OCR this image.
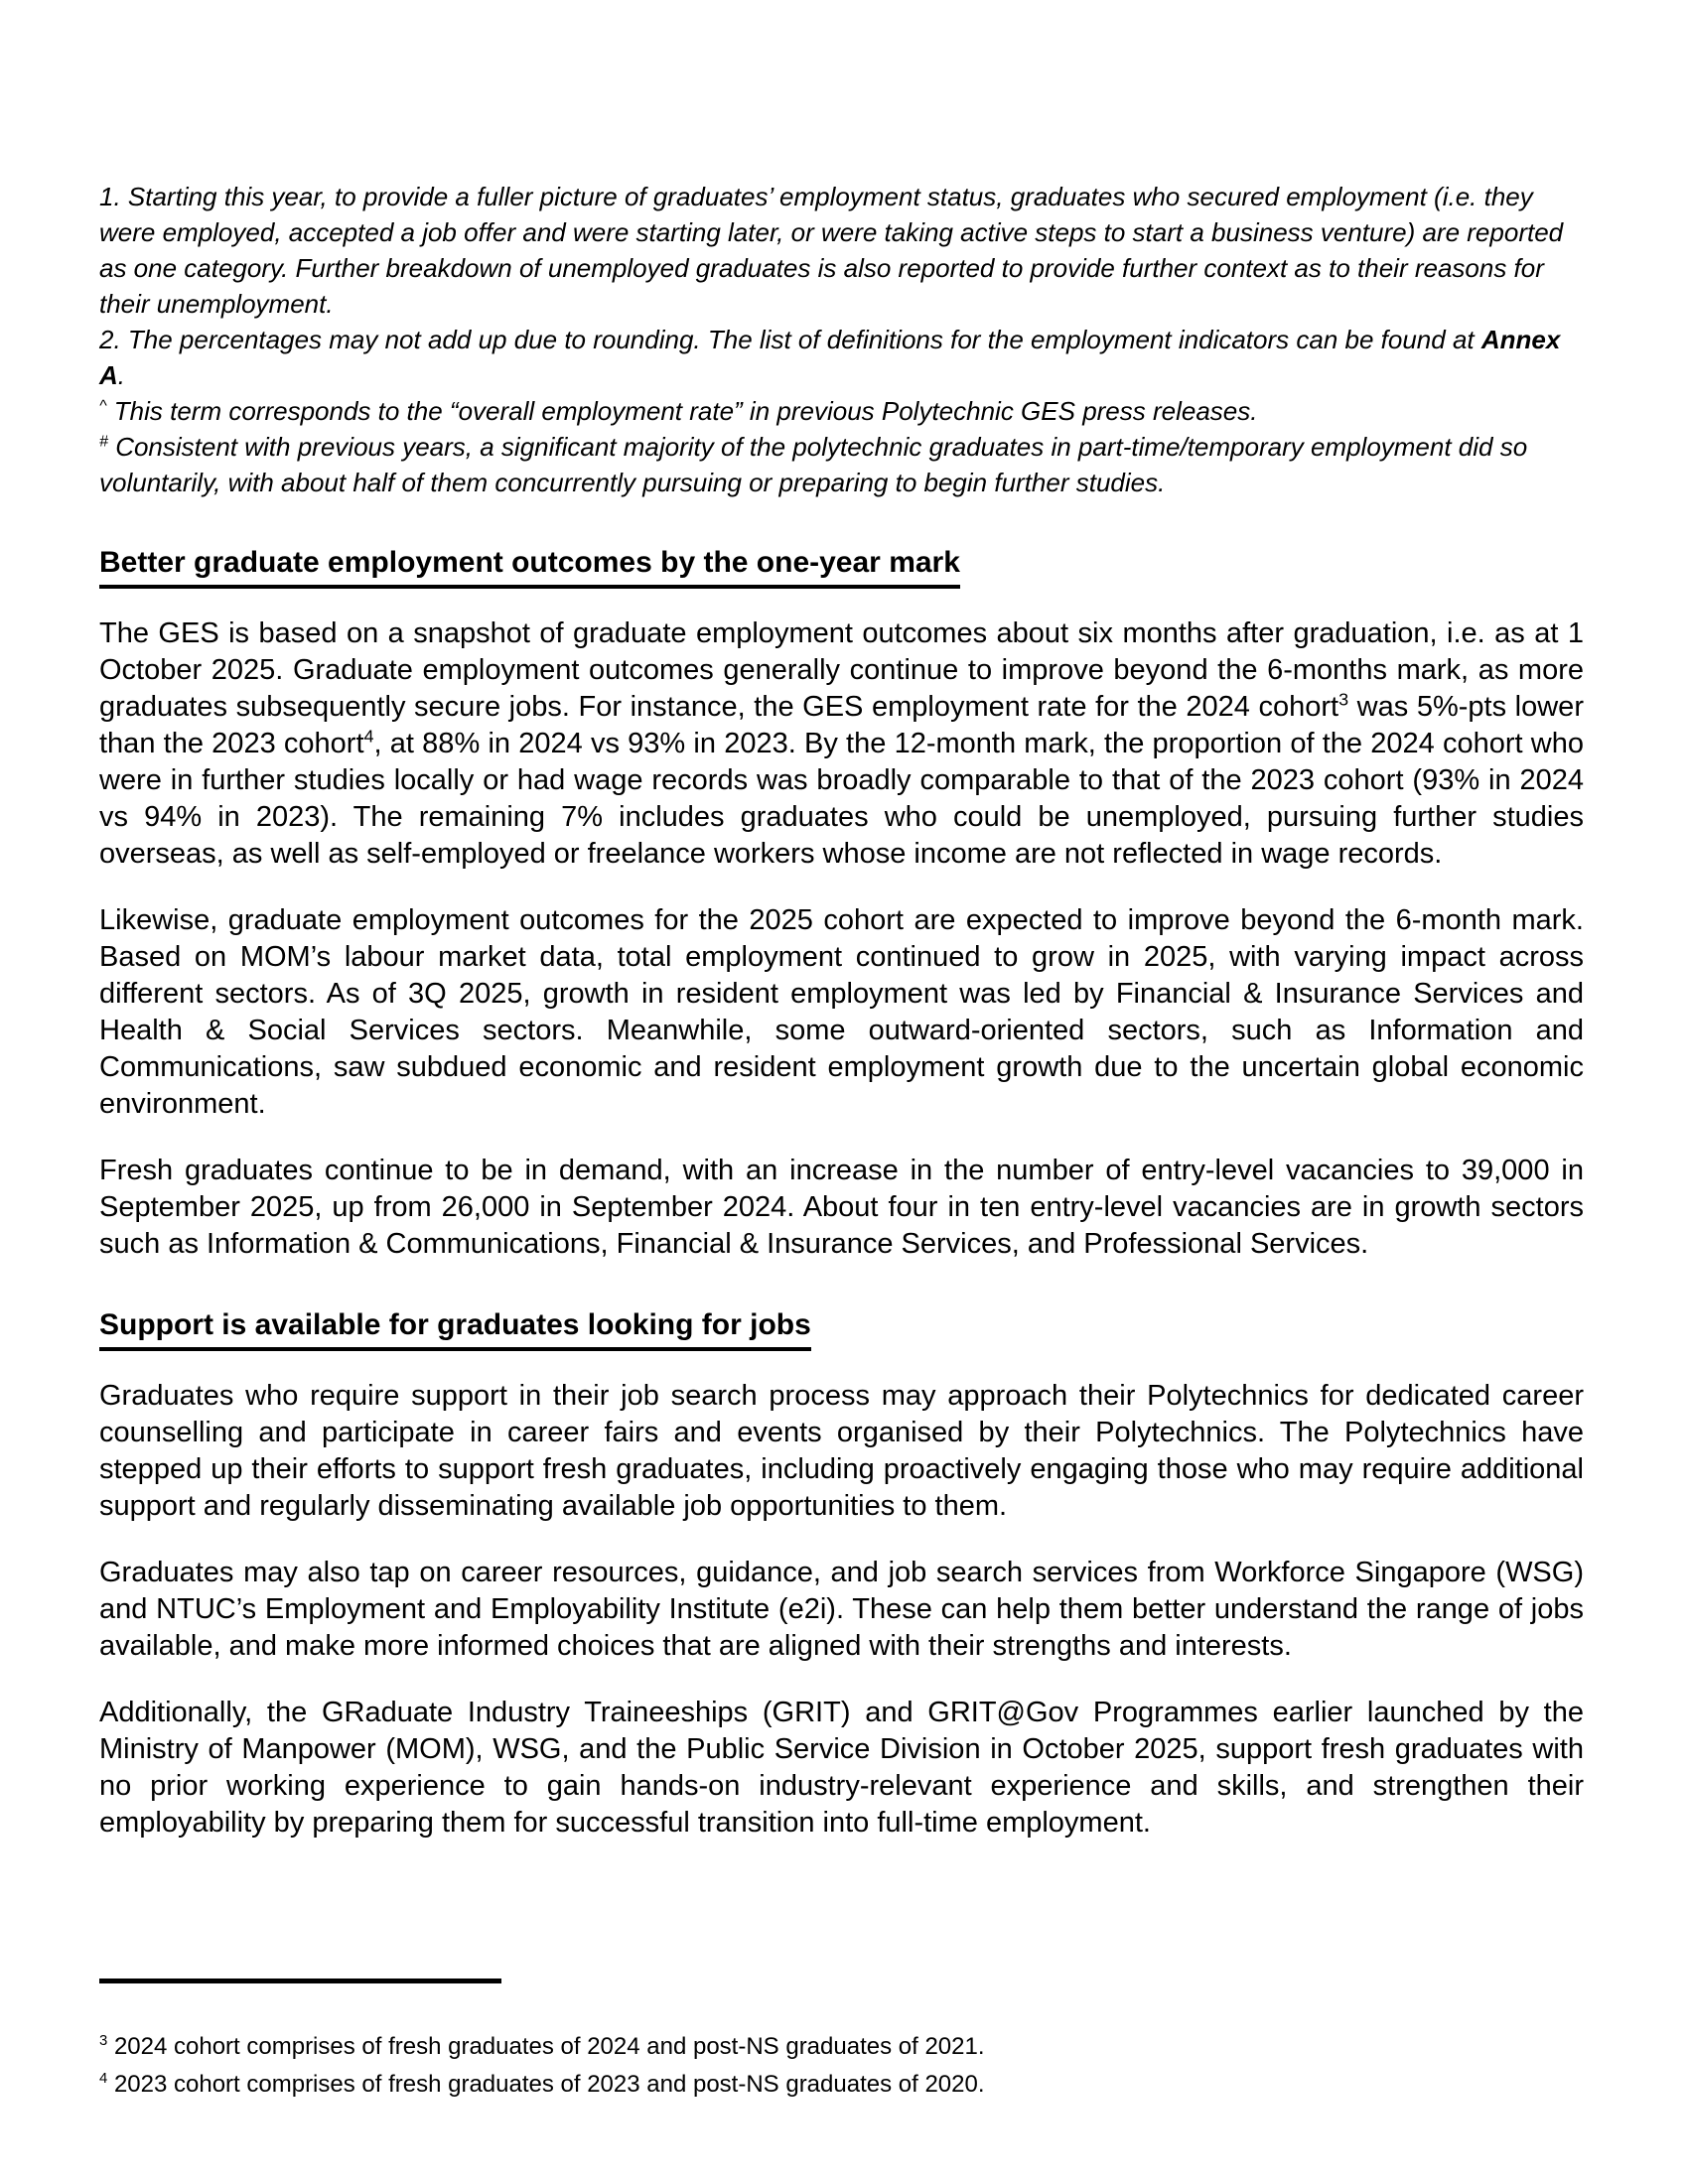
1. Starting this year, to provide a fuller picture of graduates’ employment status, graduates who secured employment (i.e. they were employed, accepted a job offer and were starting later, or were taking active steps to start a business venture) are reported as one category. Further breakdown of unemployed graduates is also reported to provide further context as to their reasons for their unemployment.

2. The percentages may not add up due to rounding. The list of definitions for the employment indicators can be found at Annex A.

^ This term corresponds to the “overall employment rate” in previous Polytechnic GES press releases.

# Consistent with previous years, a significant majority of the polytechnic graduates in part-time/temporary employment did so voluntarily, with about half of them concurrently pursuing or preparing to begin further studies.

Better graduate employment outcomes by the one-year mark

The GES is based on a snapshot of graduate employment outcomes about six months after graduation, i.e. as at 1 October 2025. Graduate employment outcomes generally continue to improve beyond the 6-months mark, as more graduates subsequently secure jobs. For instance, the GES employment rate for the 2024 cohort$^3$ was 5%-pts lower than the 2023 cohort$^4$, at 88% in 2024 vs 93% in 2023. By the 12-month mark, the proportion of the 2024 cohort who were in further studies locally or had wage records was broadly comparable to that of the 2023 cohort (93% in 2024 vs 94% in 2023). The remaining 7% includes graduates who could be unemployed, pursuing further studies overseas, as well as self-employed or freelance workers whose income are not reflected in wage records.

Likewise, graduate employment outcomes for the 2025 cohort are expected to improve beyond the 6-month mark. Based on MOM’s labour market data, total employment continued to grow in 2025, with varying impact across different sectors. As of 3Q 2025, growth in resident employment was led by Financial & Insurance Services and Health & Social Services sectors. Meanwhile, some outward-oriented sectors, such as Information and Communications, saw subdued economic and resident employment growth due to the uncertain global economic environment.

Fresh graduates continue to be in demand, with an increase in the number of entry-level vacancies to 39,000 in September 2025, up from 26,000 in September 2024. About four in ten entry-level vacancies are in growth sectors such as Information & Communications, Financial & Insurance Services, and Professional Services.

Support is available for graduates looking for jobs

Graduates who require support in their job search process may approach their Polytechnics for dedicated career counselling and participate in career fairs and events organised by their Polytechnics. The Polytechnics have stepped up their efforts to support fresh graduates, including proactively engaging those who may require additional support and regularly disseminating available job opportunities to them.

Graduates may also tap on career resources, guidance, and job search services from Workforce Singapore (WSG) and NTUC’s Employment and Employability Institute (e2i). These can help them better understand the range of jobs available, and make more informed choices that are aligned with their strengths and interests.

Additionally, the GRaduate Industry Traineeships (GRIT) and GRIT@Gov Programmes earlier launched by the Ministry of Manpower (MOM), WSG, and the Public Service Division in October 2025, support fresh graduates with no prior working experience to gain hands-on industry-relevant experience and skills, and strengthen their employability by preparing them for successful transition into full-time employment.

$^3$ 2024 cohort comprises of fresh graduates of 2024 and post-NS graduates of 2021.

$^4$ 2023 cohort comprises of fresh graduates of 2023 and post-NS graduates of 2020.
